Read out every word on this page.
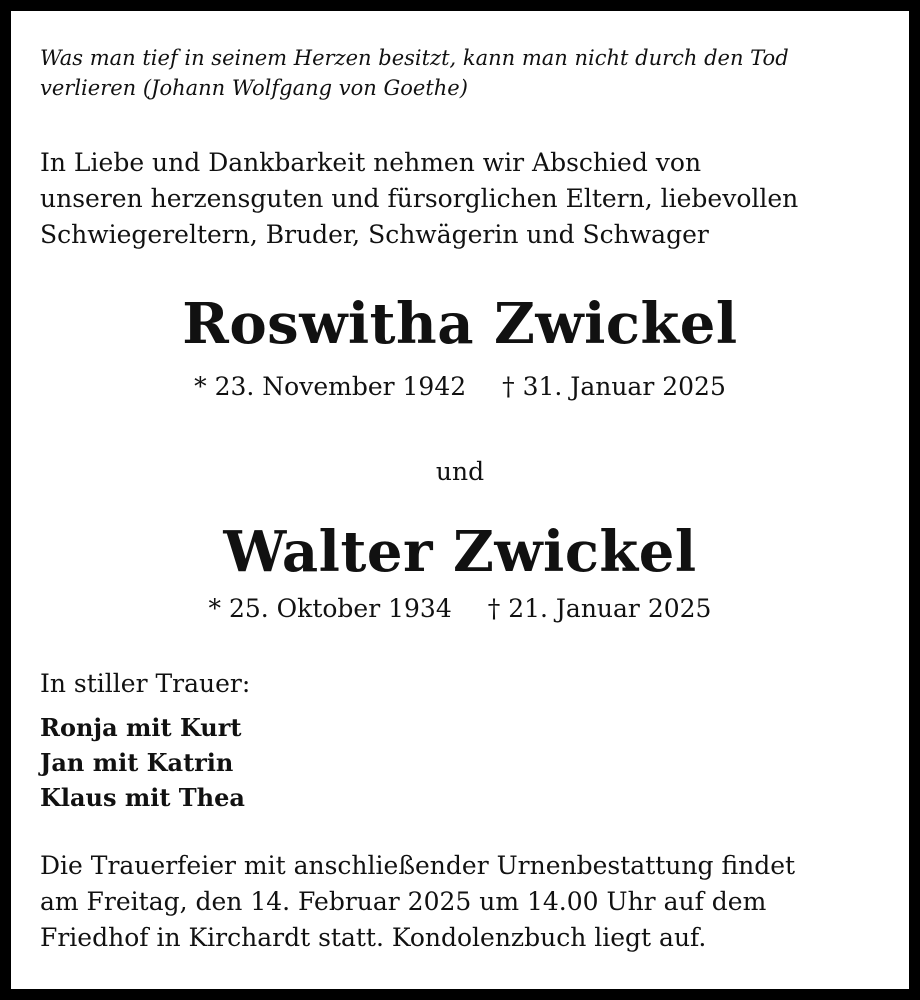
Was man tief in seinem Herzen besitzt, kann man nicht durch den Tod
verlieren (Johann Wolfgang von Goethe)

In Liebe und Dankbarkeit nehmen wir Abschied von
unseren herzensguten und fürsorglichen Eltern, liebevollen
Schwiegereltern, Bruder, Schwägerin und Schwager

Roswitha Zwickel
* 23. November 1942 † 31. Januar 2025
und
Walter Zwickel
* 25. Oktober 1934 † 21. Januar 2025
In stiller Trauer:
Ronja mit Kurt
Jan mit Katrin
Klaus mit Thea

Die Trauerfeier mit anschließender Urnenbestattung findet
am Freitag, den 14. Februar 2025 um 14.00 Uhr auf dem
Friedhof in Kirchardt statt. Kondolenzbuch liegt auf.
